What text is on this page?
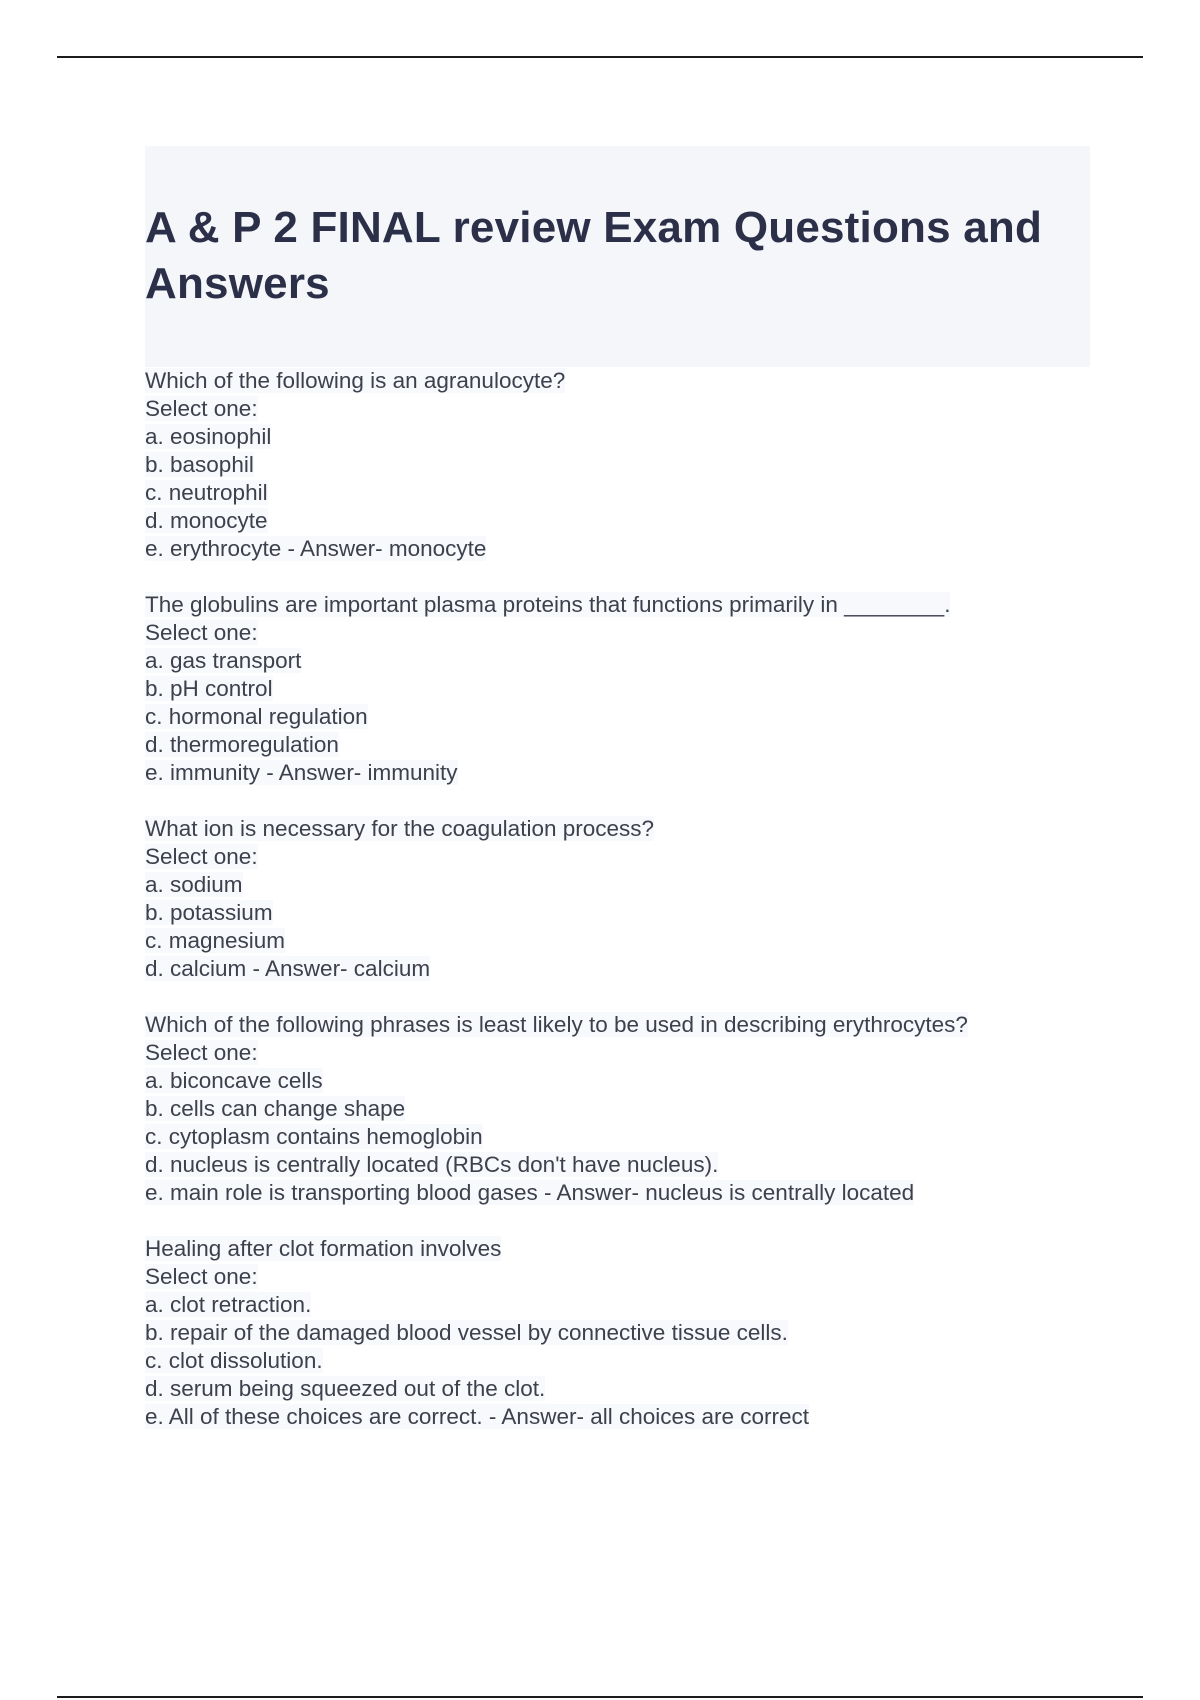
A & P 2 FINAL review Exam Questions and Answers
Which of the following is an agranulocyte?
Select one:
a. eosinophil
b. basophil
c. neutrophil
d. monocyte
e. erythrocyte - Answer- monocyte
The globulins are important plasma proteins that functions primarily in ________.
Select one:
a. gas transport
b. pH control
c. hormonal regulation
d. thermoregulation
e. immunity - Answer- immunity
What ion is necessary for the coagulation process?
Select one:
a. sodium
b. potassium
c. magnesium
d. calcium - Answer- calcium
Which of the following phrases is least likely to be used in describing erythrocytes?
Select one:
a. biconcave cells
b. cells can change shape
c. cytoplasm contains hemoglobin
d. nucleus is centrally located (RBCs don't have nucleus).
e. main role is transporting blood gases - Answer- nucleus is centrally located
Healing after clot formation involves
Select one:
a. clot retraction.
b. repair of the damaged blood vessel by connective tissue cells.
c. clot dissolution.
d. serum being squeezed out of the clot.
e. All of these choices are correct. - Answer- all choices are correct
